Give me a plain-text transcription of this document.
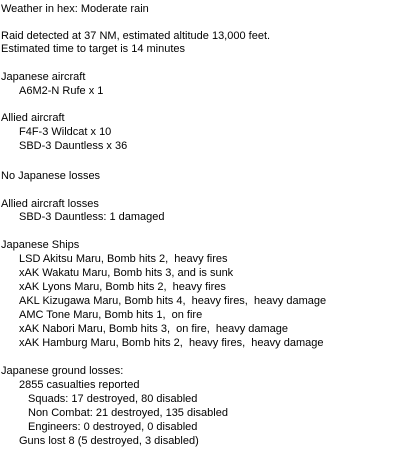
Weather in hex: Moderate rain
Raid detected at 37 NM, estimated altitude 13,000 feet.
Estimated time to target is 14 minutes
Japanese aircraft
A6M2-N Rufe x 1
Allied aircraft
F4F-3 Wildcat x 10
SBD-3 Dauntless x 36
No Japanese losses
Allied aircraft losses
SBD-3 Dauntless: 1 damaged
Japanese Ships
LSD Akitsu Maru, Bomb hits 2,  heavy fires
xAK Wakatu Maru, Bomb hits 3, and is sunk
xAK Lyons Maru, Bomb hits 2,  heavy fires
AKL Kizugawa Maru, Bomb hits 4,  heavy fires,  heavy damage
AMC Tone Maru, Bomb hits 1,  on fire
xAK Nabori Maru, Bomb hits 3,  on fire,  heavy damage
xAK Hamburg Maru, Bomb hits 2,  heavy fires,  heavy damage
Japanese ground losses:
2855 casualties reported
Squads: 17 destroyed, 80 disabled
Non Combat: 21 destroyed, 135 disabled
Engineers: 0 destroyed, 0 disabled
Guns lost 8 (5 destroyed, 3 disabled)
